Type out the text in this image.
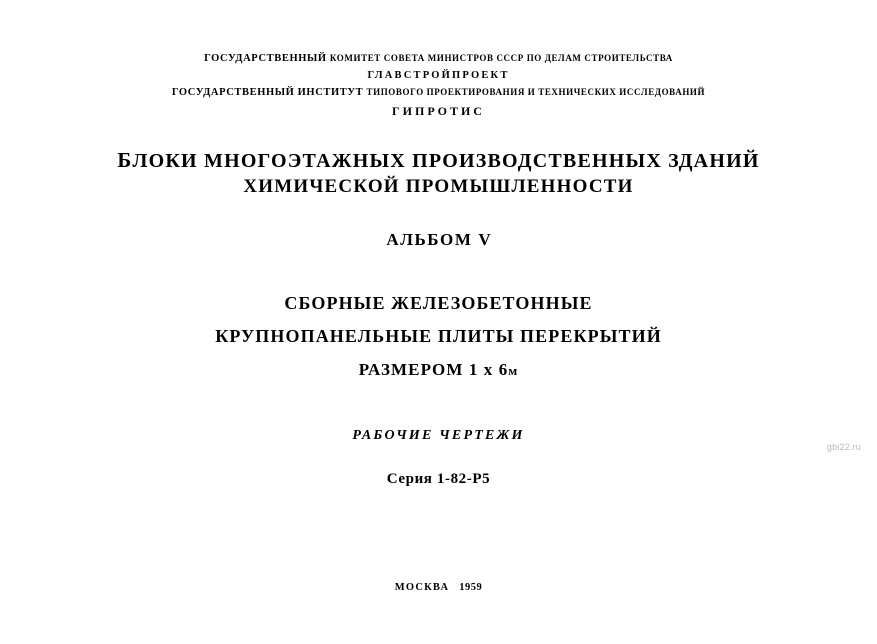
ГОСУДАРСТВЕННЫЙ КОМИТЕТ СОВЕТА МИНИСТРОВ СССР ПО ДЕЛАМ СТРОИТЕЛЬСТВА
ГЛАВСТРОЙПРОЕКТ
ГОСУДАРСТВЕННЫЙ ИНСТИТУТ ТИПОВОГО ПРОЕКТИРОВАНИЯ И ТЕХНИЧЕСКИХ ИССЛЕДОВАНИЙ
ГИПРОТИС
БЛОКИ МНОГОЭТАЖНЫХ ПРОИЗВОДСТВЕННЫХ ЗДАНИЙ
ХИМИЧЕСКОЙ ПРОМЫШЛЕННОСТИ
АЛЬБОМ V
СБОРНЫЕ ЖЕЛЕЗОБЕТОННЫЕ
КРУПНОПАНЕЛЬНЫЕ ПЛИТЫ ПЕРЕКРЫТИЙ
РАЗМЕРОМ 1 х 6м
РАБОЧИЕ ЧЕРТЕЖИ
Серия 1-82-Р5
gbi22.ru
МОСКВА 1959
